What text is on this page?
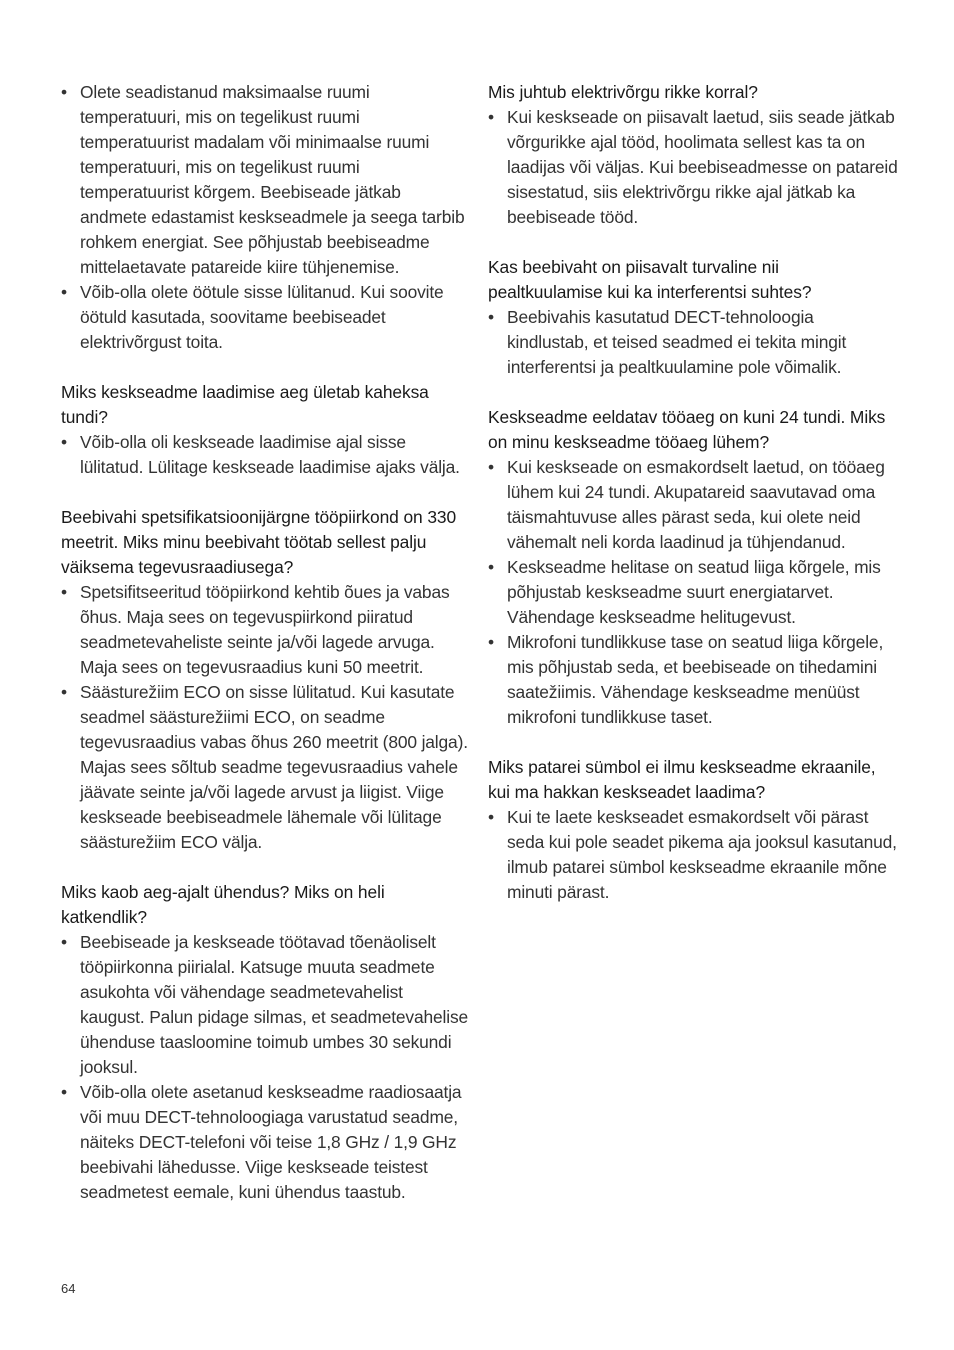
• Olete seadistanud maksimaalse ruumi temperatuuri, mis on tegelikust ruumi temperatuurist madalam või minimaalse ruumi temperatuuri, mis on tegelikust ruumi temperatuurist kõrgem. Beebiseade jätkab andmete edastamist keskseadmele ja seega tarbib rohkem energiat. See põhjustab beebiseadme mittelaetavate patareide kiire tühjenemise.
• Võib-olla olete öötule sisse lülitanud. Kui soovite öötuld kasutada, soovitame beebiseadet elektrivõrgust toita.

Miks keskseadme laadimise aeg ületab kaheksa tundi?

• Võib-olla oli keskseade laadimise ajal sisse lülitatud. Lülitage keskseade laadimise ajaks välja.

Beebivahi spetsifikatsioonijärgne tööpiirkond on 330 meetrit. Miks minu beebivaht töötab sellest palju väiksema tegevusraadiusega?

• Spetsifitseeritud tööpiirkond kehtib õues ja vabas õhus. Maja sees on tegevuspiirkond piiratud seadmetevaheliste seinte ja/või lagede arvuga. Maja sees on tegevusraadius kuni 50 meetrit.
• Säästurežiim ECO on sisse lülitatud. Kui kasutate seadmel säästurežiimi ECO, on seadme tegevusraadius vabas õhus 260 meetrit (800 jalga). Majas sees sõltub seadme tegevusraadius vahele jäävate seinte ja/või lagede arvust ja liigist. Viige keskseade beebiseadmele lähemale või lülitage säästurežiim ECO välja.

Miks kaob aeg-ajalt ühendus? Miks on heli katkendlik?

• Beebiseade ja keskseade töötavad tõenäoliselt tööpiirkonna piirialal. Katsuge muuta seadmete asukohta või vähendage seadmetevahelist kaugust. Palun pidage silmas, et seadmetevahelise ühenduse taasloomine toimub umbes 30 sekundi jooksul.
• Võib-olla olete asetanud keskseadme raadiosaatja või muu DECT-tehnoloogiaga varustatud seadme, näiteks DECT-telefoni või teise 1,8 GHz / 1,9 GHz beebivahi lähedusse. Viige keskseade teistest seadmetest eemale, kuni ühendus taastub.

Mis juhtub elektrivõrgu rikke korral?

• Kui keskseade on piisavalt laetud, siis seade jätkab võrgurikke ajal tööd, hoolimata sellest kas ta on laadijas või väljas. Kui beebiseadmesse on patareid sisestatud, siis elektrivõrgu rikke ajal jätkab ka beebiseade tööd.

Kas beebivaht on piisavalt turvaline nii pealtkuulamise kui ka interferentsi suhtes?

• Beebivahis kasutatud DECT-tehnoloogia kindlustab, et teised seadmed ei tekita mingit interferentsi ja pealtkuulamine pole võimalik.

Keskseadme eeldatav tööaeg on kuni 24 tundi. Miks on minu keskseadme tööaeg lühem?

• Kui keskseade on esmakordselt laetud, on tööaeg lühem kui 24 tundi. Akupatareid saavutavad oma täismahtuvuse alles pärast seda, kui olete neid vähemalt neli korda laadinud ja tühjendanud.
• Keskseadme helitase on seatud liiga kõrgele, mis põhjustab keskseadme suurt energiatarvet. Vähendage keskseadme helitugevust.
• Mikrofoni tundlikkuse tase on seatud liiga kõrgele, mis põhjustab seda, et beebiseade on tihedamini saatežiimis. Vähendage keskseadme menüüst mikrofoni tundlikkuse taset.

Miks patarei sümbol ei ilmu keskseadme ekraanile, kui ma hakkan keskseadet laadima?

• Kui te laete keskseadet esmakordselt või pärast seda kui pole seadet pikema aja jooksul kasutanud, ilmub patarei sümbol keskseadme ekraanile mõne minuti pärast.
64
